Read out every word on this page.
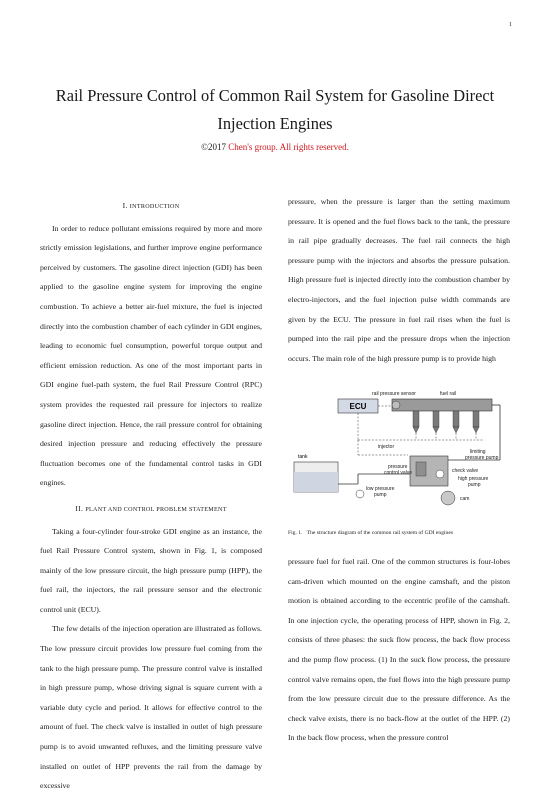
1
Rail Pressure Control of Common Rail System for Gasoline Direct
Injection Engines
©2017 Chen's group. All rights reserved.
I. INTRODUCTION

In order to reduce pollutant emissions required by more and more strictly emission legislations, and further improve engine performance perceived by customers. The gasoline direct injection (GDI) has been applied to the gasoline engine system for improving the engine combustion. To achieve a better air-fuel mixture, the fuel is injected directly into the combustion chamber of each cylinder in GDI engines, leading to economic fuel consumption, powerful torque output and efficient emission reduction. As one of the most important parts in GDI engine fuel-path system, the fuel Rail Pressure Control (RPC) system provides the requested rail pressure for injectors to realize gasoline direct injection. Hence, the rail pressure control for obtaining desired injection pressure and reducing effectively the pressure fluctuation becomes one of the fundamental control tasks in GDI engines.

II. PLANT AND CONTROL PROBLEM STATEMENT

Taking a four-cylinder four-stroke GDI engine as an instance, the fuel Rail Pressure Control system, shown in Fig. 1, is composed mainly of the low pressure circuit, the high pressure pump (HPP), the fuel rail, the injectors, the rail pressure sensor and the electronic control unit (ECU).

The few details of the injection operation are illustrated as follows. The low pressure circuit provides low pressure fuel coming from the tank to the high pressure pump. The pressure control valve is installed in high pressure pump, whose driving signal is square current with a variable duty cycle and period. It allows for effective control to the amount of fuel. The check valve is installed in outlet of high pressure pump is to avoid unwanted refluxes, and the limiting pressure valve installed on outlet of HPP prevents the rail from the damage by excessive

pressure, when the pressure is larger than the setting maximum pressure. It is opened and the fuel flows back to the tank, the pressure in rail pipe gradually decreases. The fuel rail connects the high pressure pump with the injectors and absorbs the pressure pulsation. High pressure fuel is injected directly into the combustion chamber by electro-injectors, and the fuel injection pulse width commands are given by the ECU. The pressure in fuel rail rises when the fuel is pumped into the rail pipe and the pressure drops when the injection occurs. The main role of the high pressure pump is to provide high

ECU
tank
rail pressure sensor	fuel rail
injector
limiting
pressure pump
pressure
control valve	check valve
high pressure
pump
low pressure
pump
cam
Fig. 1. The structure diagram of the common rail system of GDI engines

pressure fuel for fuel rail. One of the common structures is four-lobes cam-driven which mounted on the engine camshaft, and the piston motion is obtained according to the eccentric profile of the camshaft. In one injection cycle, the operating process of HPP, shown in Fig. 2, consists of three phases: the suck flow process, the back flow process and the pump flow process. (1) In the suck flow process, the pressure control valve remains open, the fuel flows into the high pressure pump from the low pressure circuit due to the pressure difference. As the check valve exists, there is no back-flow at the outlet of the HPP. (2) In the back flow process, when the pressure control
